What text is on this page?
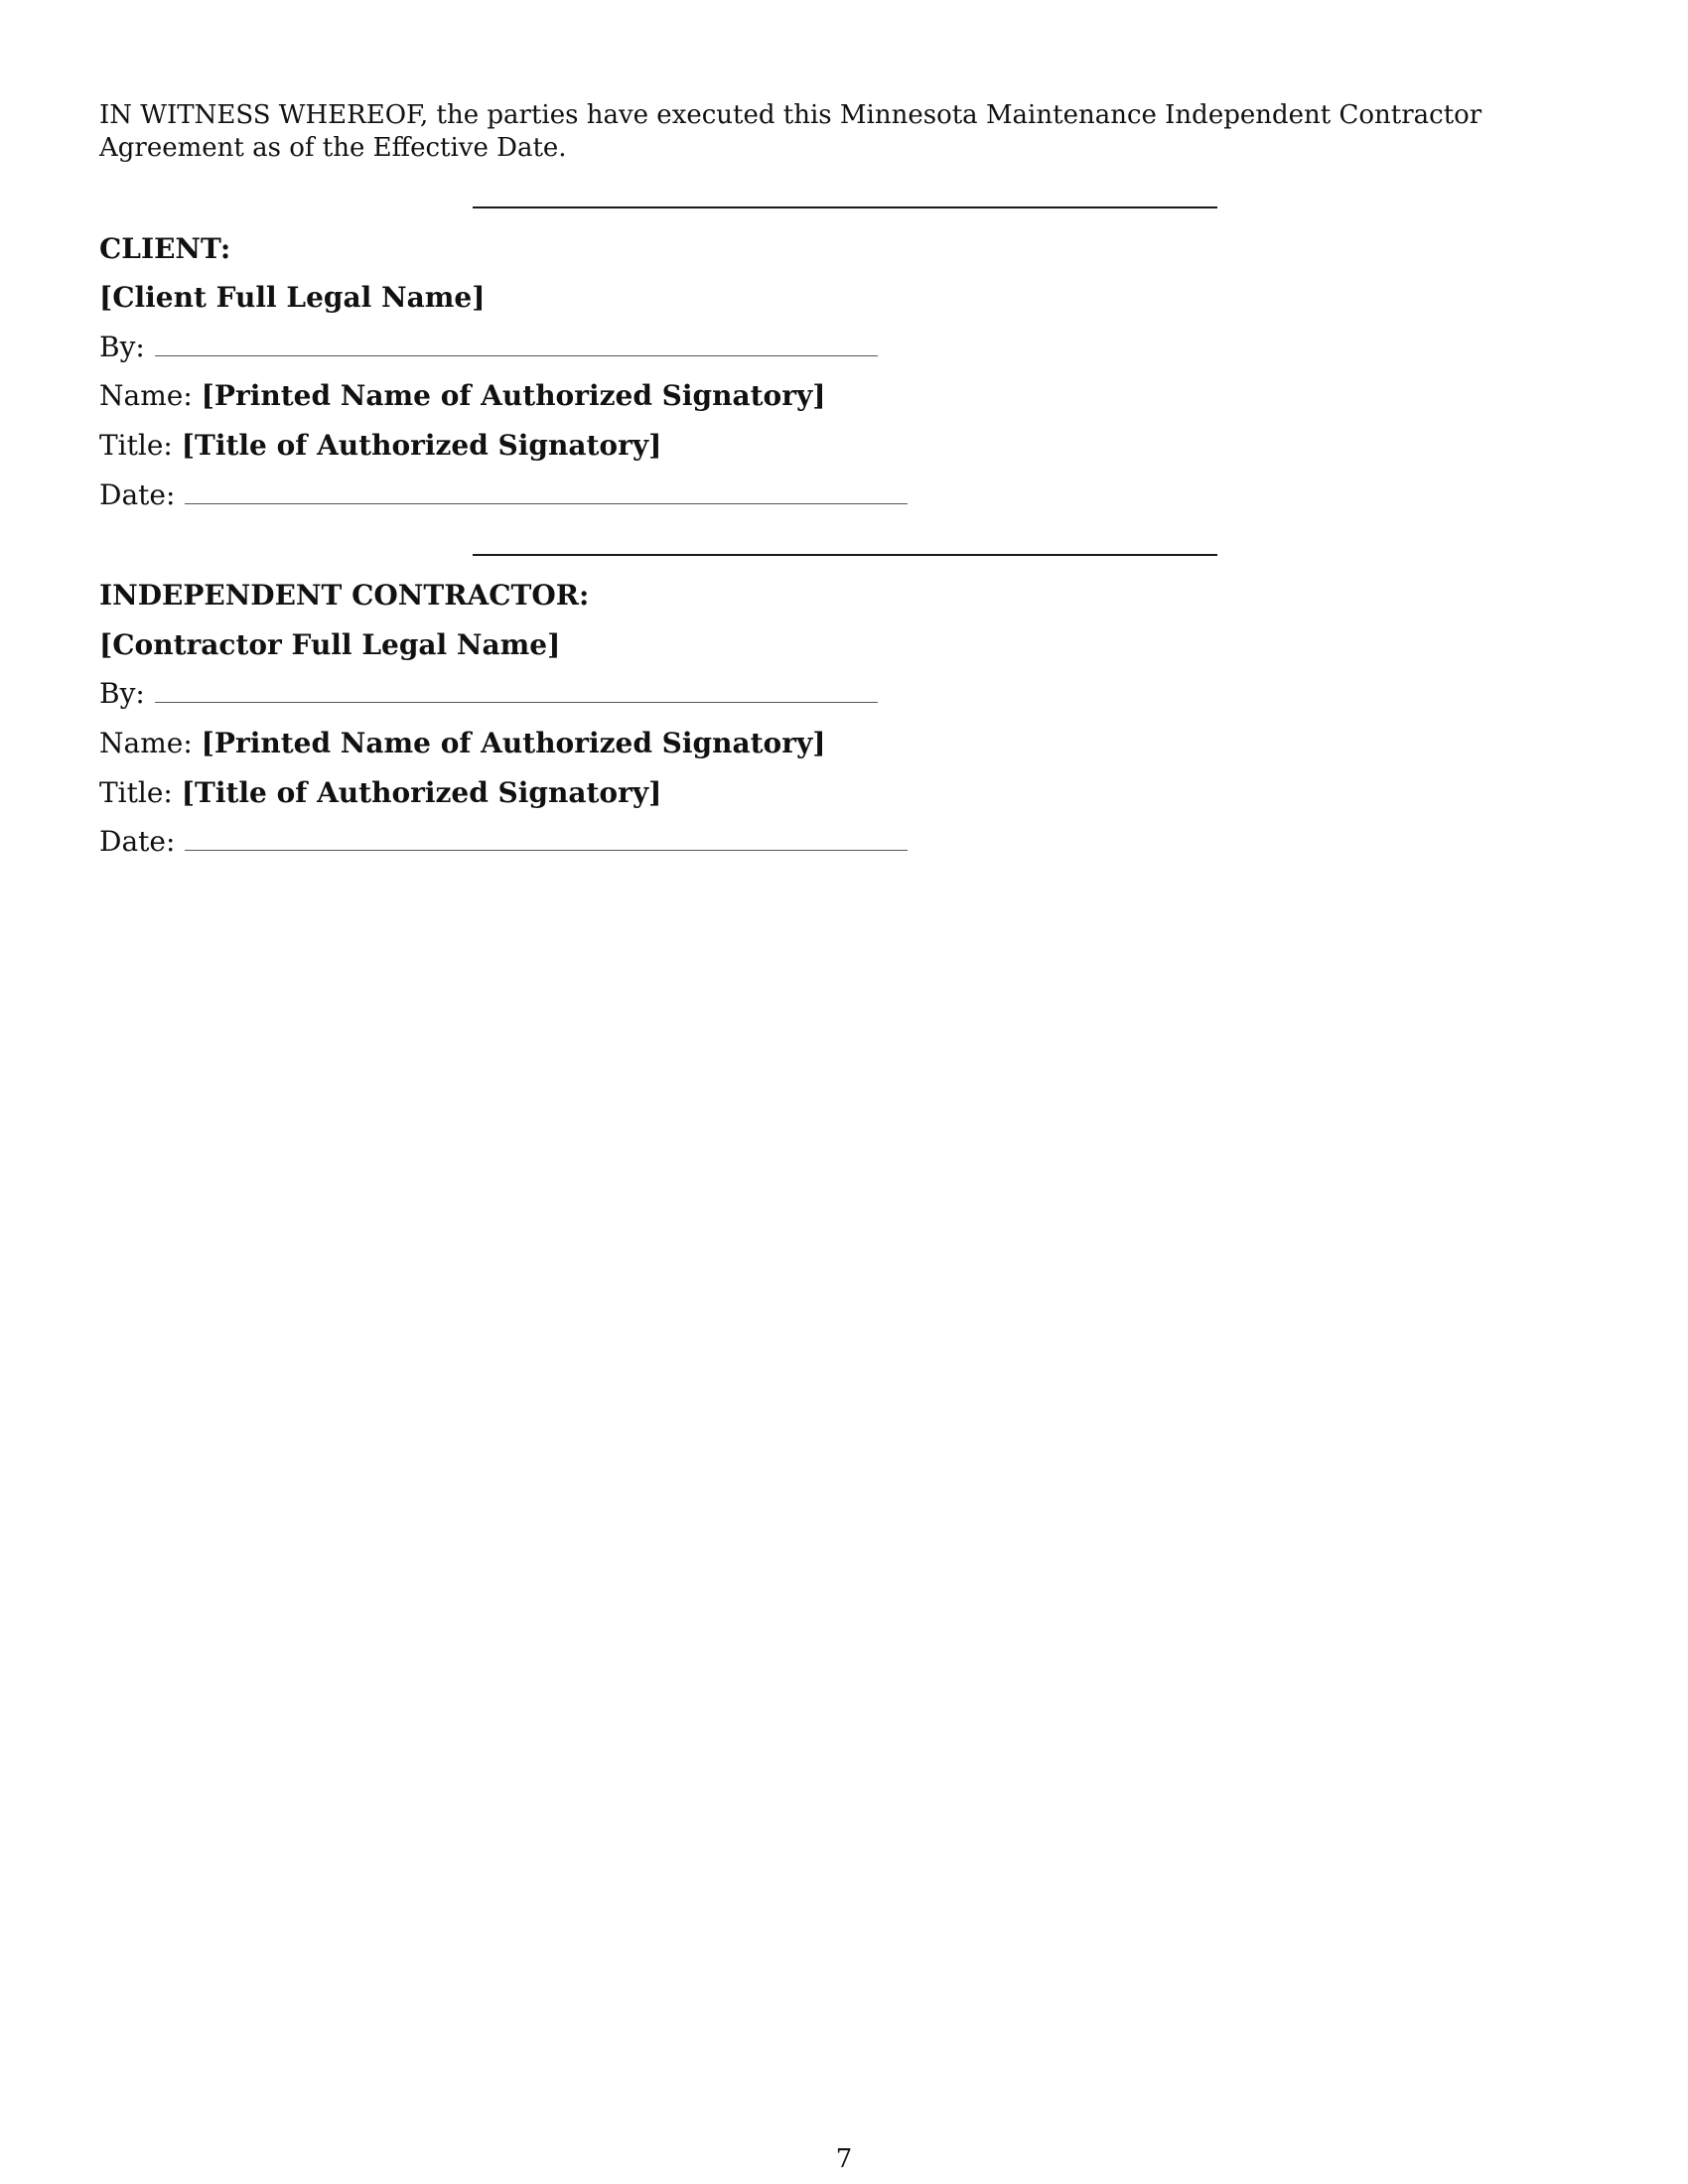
IN WITNESS WHEREOF, the parties have executed this Minnesota Maintenance Independent Contractor Agreement as of the Effective Date.

CLIENT:
[Client Full Legal Name]
By:
Name: [Printed Name of Authorized Signatory]
Title: [Title of Authorized Signatory]
Date:
INDEPENDENT CONTRACTOR:
[Contractor Full Legal Name]
By:
Name: [Printed Name of Authorized Signatory]
Title: [Title of Authorized Signatory]
Date:
7
